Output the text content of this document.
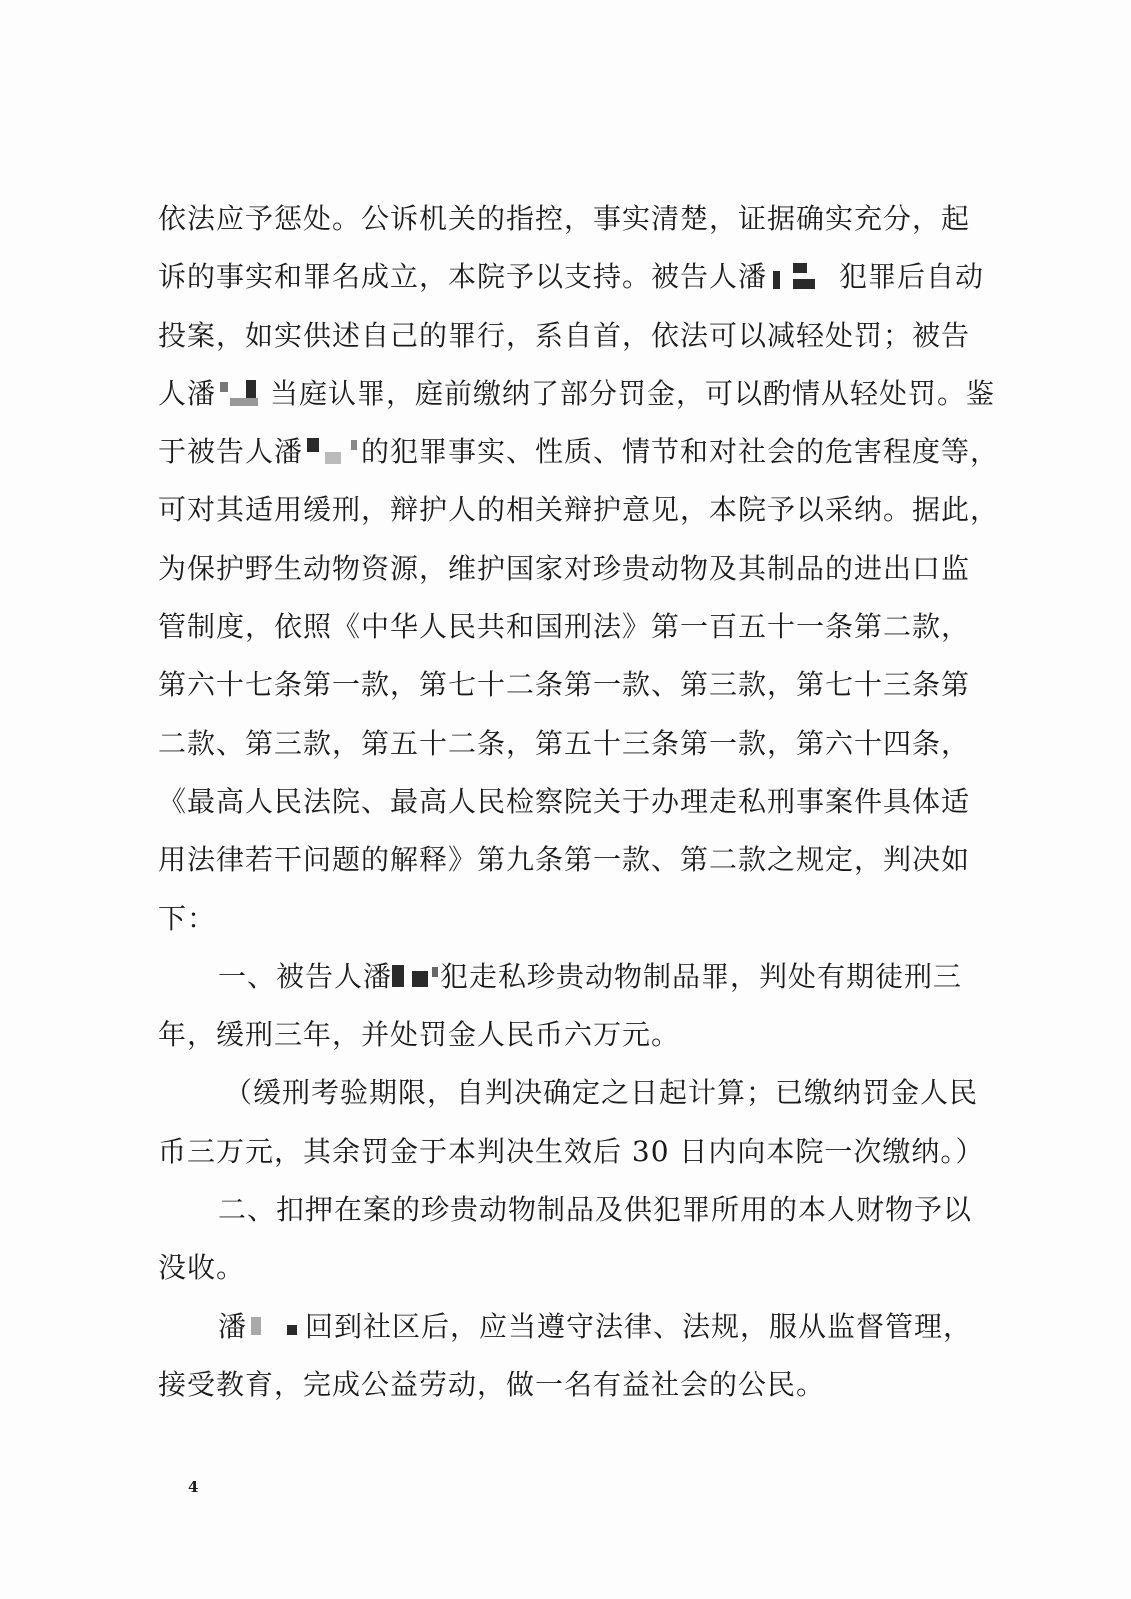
依法应予惩处。公诉机关的指控，事实清楚，证据确实充分，起
诉的事实和罪名成立，本院予以支持。被告人潘	犯罪后自动
投案，如实供述自己的罪行，系自首，依法可以减轻处罚；被告
人潘 当庭认罪，庭前缴纳了部分罚金，可以酌情从轻处罚。鉴
于被告人潘 的犯罪事实、性质、情节和对社会的危害程度等，
可对其适用缓刑，辩护人的相关辩护意见，本院予以采纳。据此，
为保护野生动物资源，维护国家对珍贵动物及其制品的进出口监
管制度，依照《中华人民共和国刑法》第一百五十一条第二款，
第六十七条第一款，第七十二条第一款、第三款，第七十三条第
二款、第三款，第五十二条，第五十三条第一款，第六十四条，
《最高人民法院、最高人民检察院关于办理走私刑事案件具体适
用法律若干问题的解释》第九条第一款、第二款之规定，判决如
下：
一、被告人潘 犯走私珍贵动物制品罪，判处有期徒刑三
年，缓刑三年，并处罚金人民币六万元。
（缓刑考验期限，自判决确定之日起计算；已缴纳罚金人民
币三万元，其余罚金于本判决生效后 30 日内向本院一次缴纳。）
二、扣押在案的珍贵动物制品及供犯罪所用的本人财物予以
没收。
潘 回到社区后，应当遵守法律、法规，服从监督管理，
接受教育，完成公益劳动，做一名有益社会的公民。
4
